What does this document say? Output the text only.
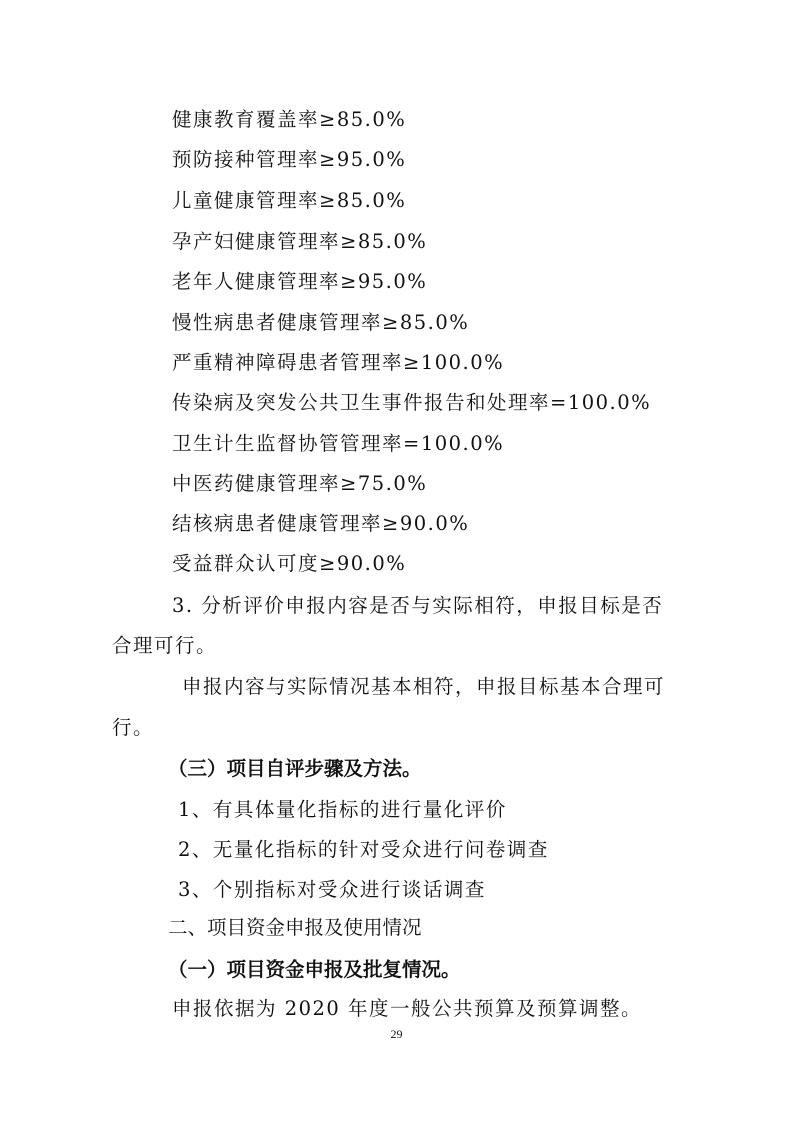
健康教育覆盖率≥85.0%
预防接种管理率≥95.0%
儿童健康管理率≥85.0%
孕产妇健康管理率≥85.0%
老年人健康管理率≥95.0%
慢性病患者健康管理率≥85.0%
严重精神障碍患者管理率≥100.0%
传染病及突发公共卫生事件报告和处理率=100.0%
卫生计生监督协管管理率=100.0%
中医药健康管理率≥75.0%
结核病患者健康管理率≥90.0%
受益群众认可度≥90.0%
3. 分析评价申报内容是否与实际相符，申报目标是否
合理可行。
申报内容与实际情况基本相符，申报目标基本合理可
行。
（三）项目自评步骤及方法。
1、有具体量化指标的进行量化评价
2、无量化指标的针对受众进行问卷调查
3、个别指标对受众进行谈话调查
二、项目资金申报及使用情况
（一）项目资金申报及批复情况。
申报依据为 2020 年度一般公共预算及预算调整。
29
